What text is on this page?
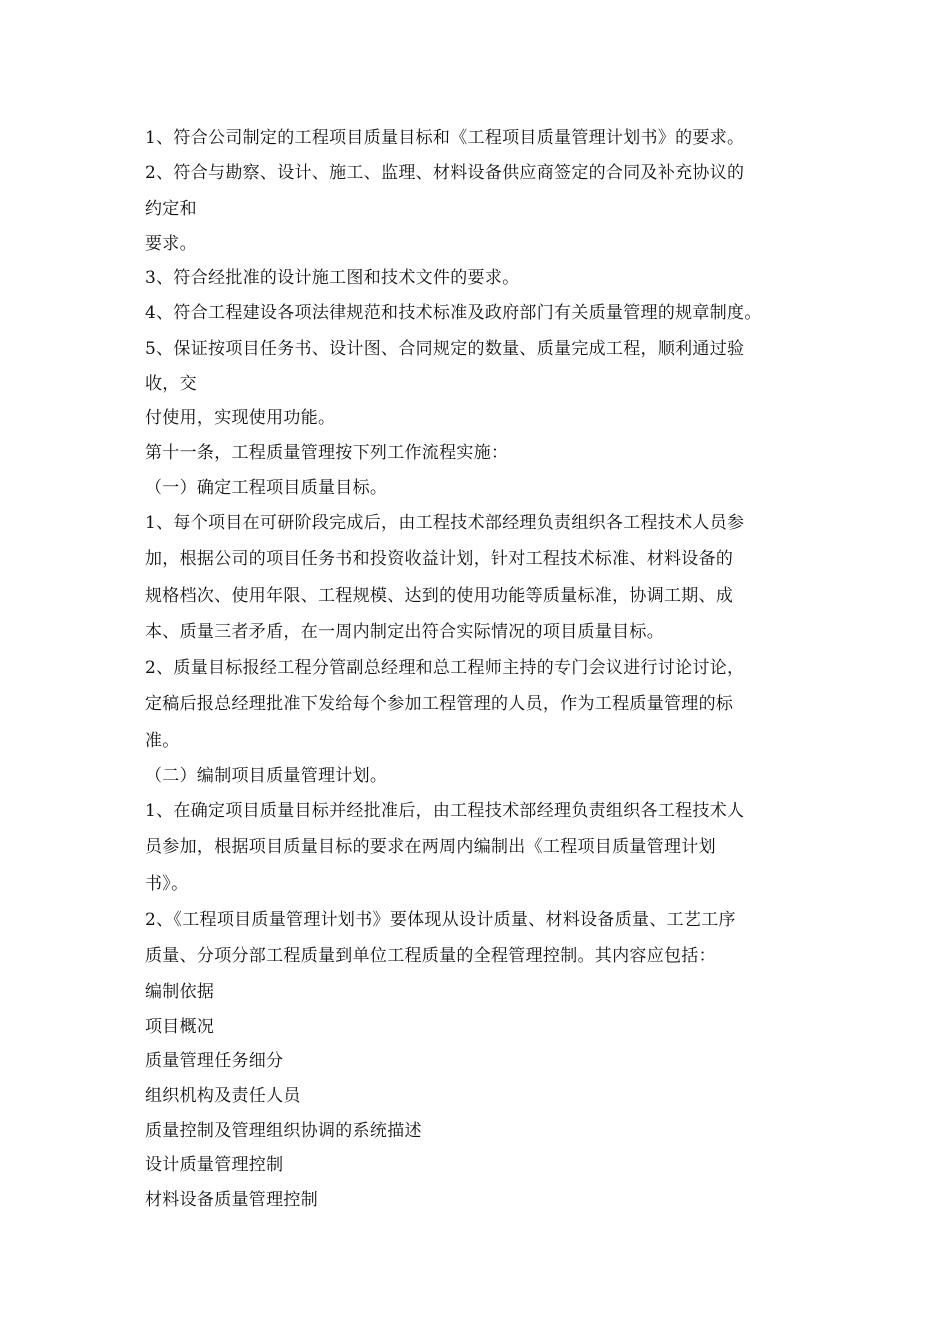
1、符合公司制定的工程项目质量目标和《工程项目质量管理计划书》的要求。
2、符合与勘察、设计、施工、监理、材料设备供应商签定的合同及补充协议的
约定和
要求。
3、符合经批准的设计施工图和技术文件的要求。
4、符合工程建设各项法律规范和技术标准及政府部门有关质量管理的规章制度。
5、保证按项目任务书、设计图、合同规定的数量、质量完成工程，顺利通过验
收，交
付使用，实现使用功能。
第十一条，工程质量管理按下列工作流程实施：
（一）确定工程项目质量目标。
1、每个项目在可研阶段完成后，由工程技术部经理负责组织各工程技术人员参
加，根据公司的项目任务书和投资收益计划，针对工程技术标准、材料设备的
规格档次、使用年限、工程规模、达到的使用功能等质量标准，协调工期、成
本、质量三者矛盾，在一周内制定出符合实际情况的项目质量目标。
2、质量目标报经工程分管副总经理和总工程师主持的专门会议进行讨论讨论，
定稿后报总经理批准下发给每个参加工程管理的人员，作为工程质量管理的标
准。
（二）编制项目质量管理计划。
1、在确定项目质量目标并经批准后，由工程技术部经理负责组织各工程技术人
员参加，根据项目质量目标的要求在两周内编制出《工程项目质量管理计划
书》。
2、《工程项目质量管理计划书》要体现从设计质量、材料设备质量、工艺工序
质量、分项分部工程质量到单位工程质量的全程管理控制。其内容应包括：
编制依据
项目概况
质量管理任务细分
组织机构及责任人员
质量控制及管理组织协调的系统描述
设计质量管理控制
材料设备质量管理控制
